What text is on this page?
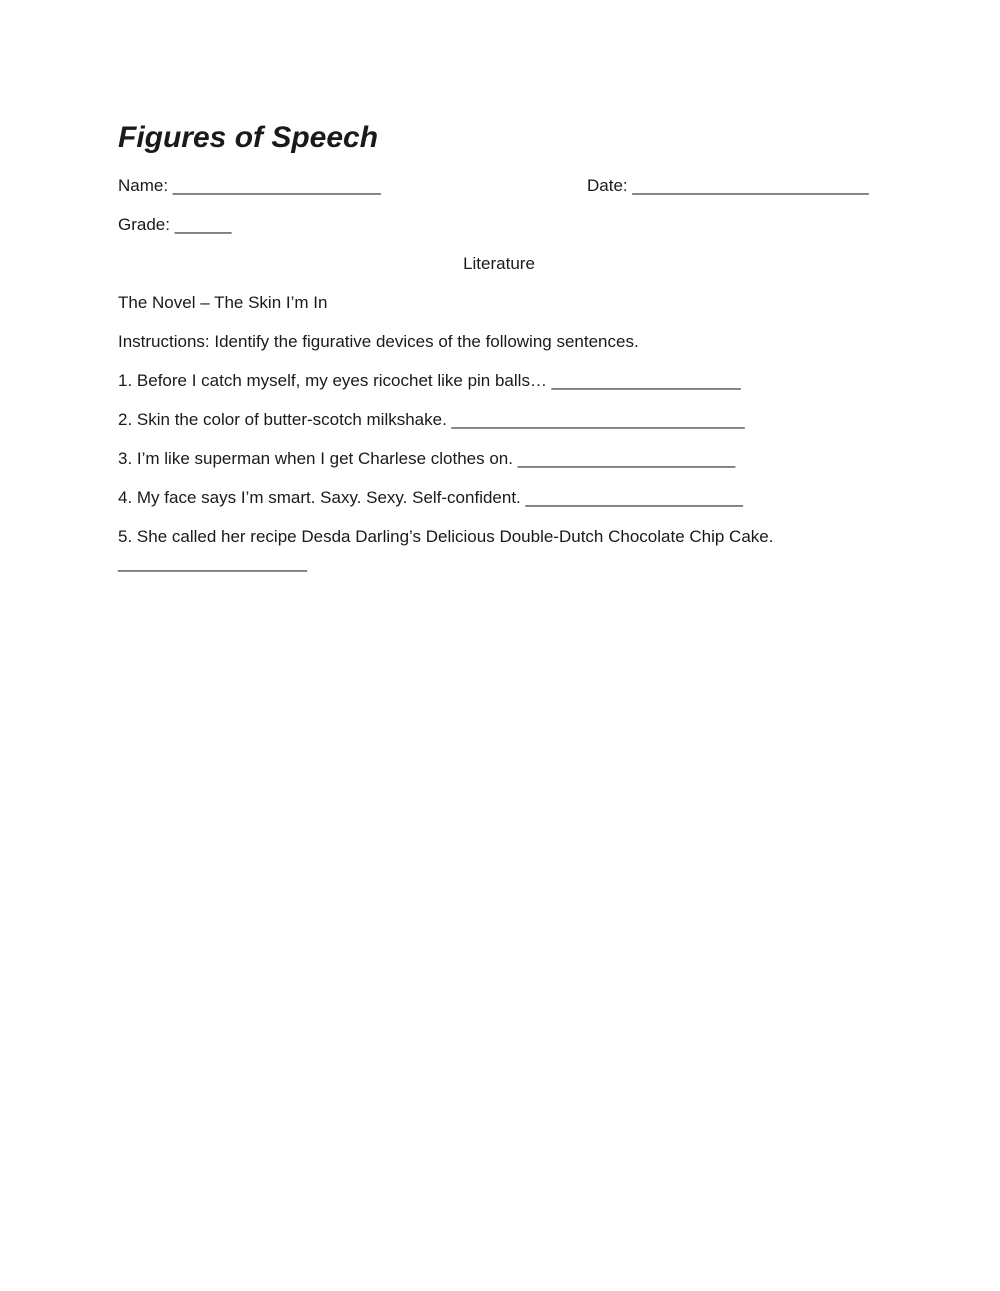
Figures of Speech

Name: ______________________	Date: _________________________

Grade: ______

Literature

The Novel – The Skin I’m In

Instructions: Identify the figurative devices of the following sentences.

1. Before I catch myself, my eyes ricochet like pin balls… ____________________

2. Skin the color of butter-scotch milkshake. _______________________________

3. I’m like superman when I get Charlese clothes on. _______________________

4. My face says I’m smart. Saxy. Sexy. Self-confident. _______________________

5. She called her recipe Desda Darling’s Delicious Double-Dutch Chocolate Chip Cake.

____________________
